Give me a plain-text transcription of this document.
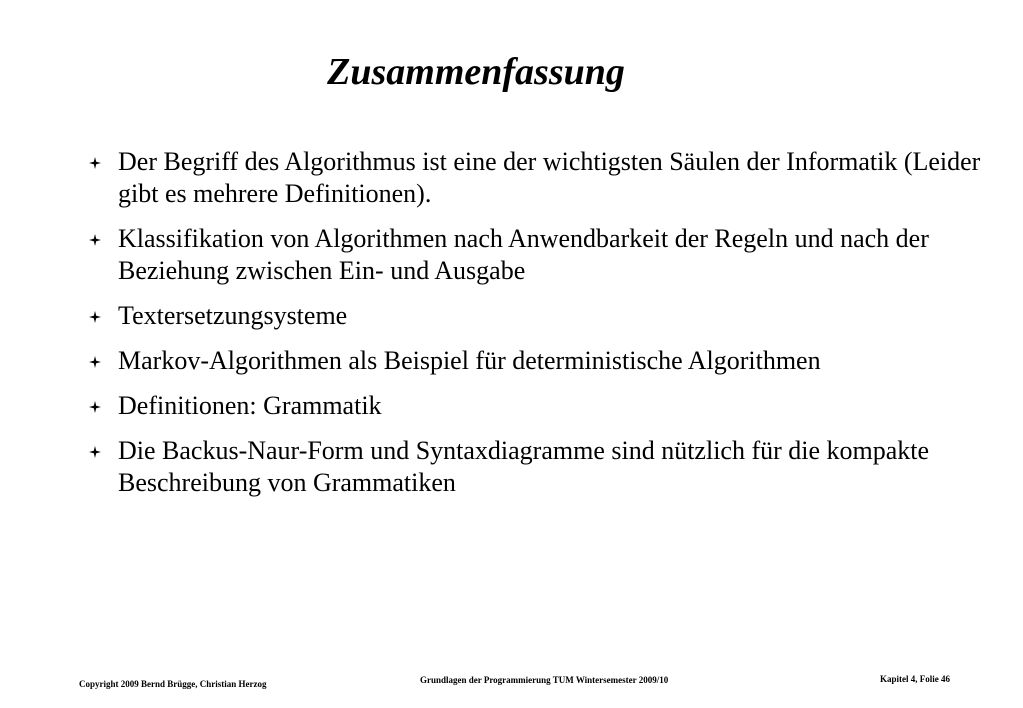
Zusammenfassung
Der Begriff des Algorithmus ist eine der wichtigsten Säulen der Informatik (Leider gibt es mehrere Definitionen).
Klassifikation von Algorithmen nach Anwendbarkeit der Regeln und nach der Beziehung zwischen Ein- und Ausgabe
Textersetzungsysteme
Markov-Algorithmen als Beispiel für deterministische Algorithmen
Definitionen: Grammatik
Die Backus-Naur-Form und Syntaxdiagramme sind nützlich für die kompakte Beschreibung von Grammatiken
Copyright 2009 Bernd Brügge, Christian Herzog	Grundlagen der Programmierung TUM Wintersemester 2009/10	Kapitel 4, Folie 46
